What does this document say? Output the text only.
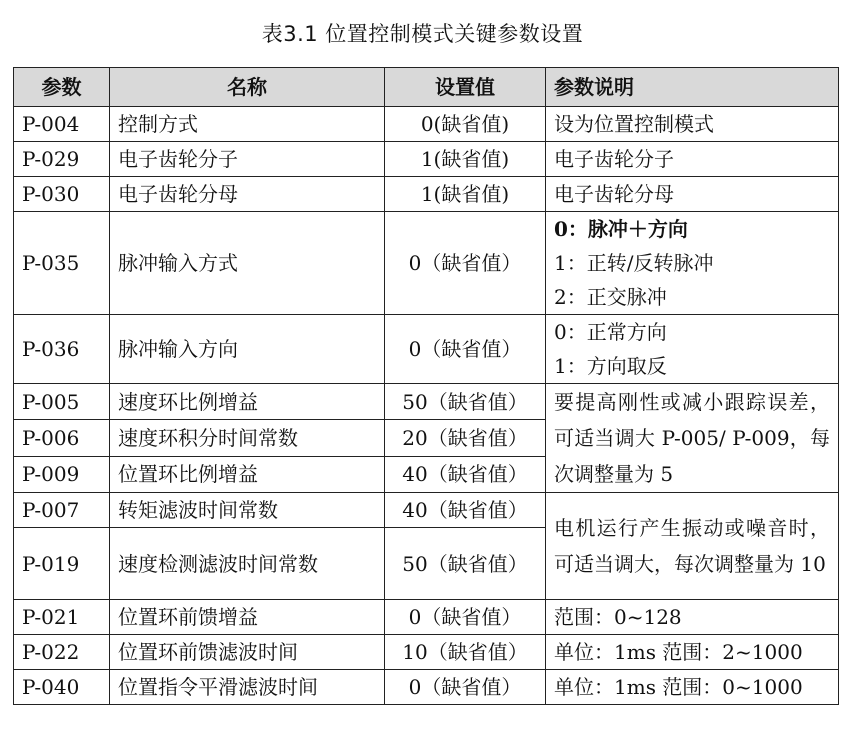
表3.1 位置控制模式关键参数设置
参数	名称	设置值	参数说明
P-004	控制方式	0(缺省值)	设为位置控制模式
P-029	电子齿轮分子	1(缺省值)	电子齿轮分子
P-030	电子齿轮分母	1(缺省值)	电子齿轮分母
P-035	脉冲输入方式	0（缺省值）	0：脉冲＋方向
1：正转/反转脉冲
2：正交脉冲

P-036	脉冲输入方向	0（缺省值）	0：正常方向
1：方向取反

P-005	速度环比例增益	50（缺省值）	要提高刚性或减小跟踪误差，可适当调大 P-005/ P-009，每次调整量为 5
P-006	速度环积分时间常数	20（缺省值）	
P-009	位置环比例增益	40（缺省值）	
P-007	转矩滤波时间常数	40（缺省值）	电机运行产生振动或噪音时，可适当调大，每次调整量为 10
P-019	速度检测滤波时间常数	50（缺省值）	
P-021	位置环前馈增益	0（缺省值）	范围：0~128
P-022	位置环前馈滤波时间	10（缺省值）	单位：1ms 范围：2~1000
P-040	位置指令平滑滤波时间	0（缺省值）	单位：1ms 范围：0~1000
